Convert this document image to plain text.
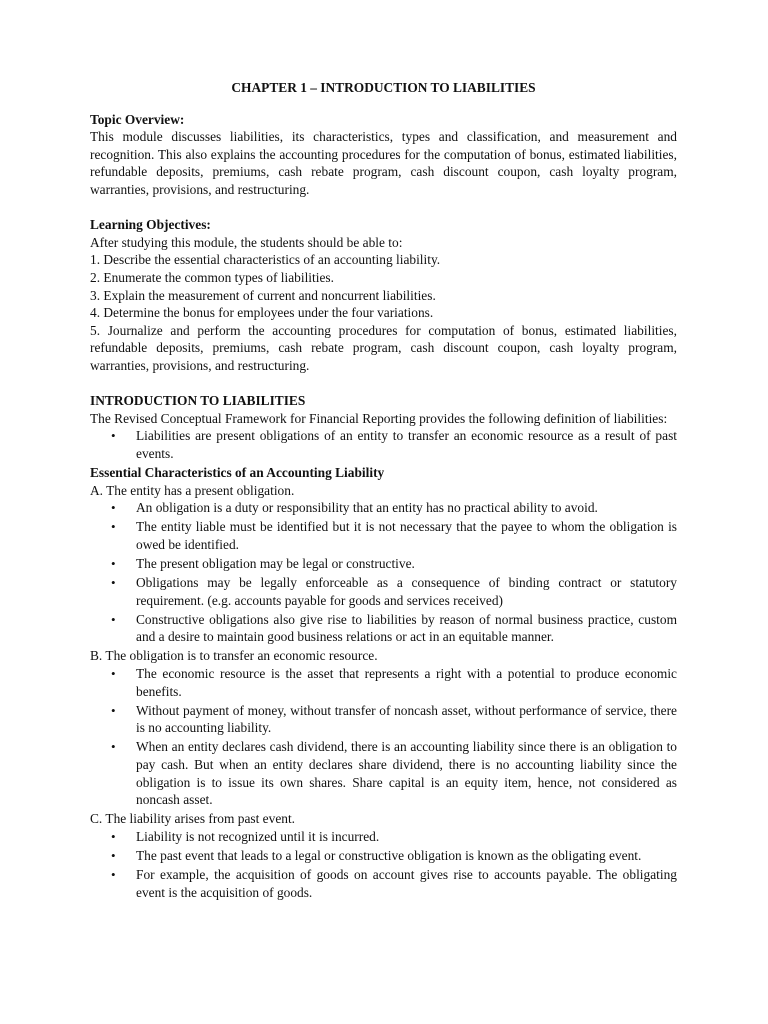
CHAPTER 1 – INTRODUCTION TO LIABILITIES

Topic Overview:

This module discusses liabilities, its characteristics, types and classification, and measurement and recognition. This also explains the accounting procedures for the computation of bonus, estimated liabilities, refundable deposits, premiums, cash rebate program, cash discount coupon, cash loyalty program, warranties, provisions, and restructuring.

Learning Objectives:

After studying this module, the students should be able to:

1. Describe the essential characteristics of an accounting liability.

2. Enumerate the common types of liabilities.

3. Explain the measurement of current and noncurrent liabilities.

4. Determine the bonus for employees under the four variations.

5. Journalize and perform the accounting procedures for computation of bonus, estimated liabilities, refundable deposits, premiums, cash rebate program, cash discount coupon, cash loyalty program, warranties, provisions, and restructuring.

INTRODUCTION TO LIABILITIES

The Revised Conceptual Framework for Financial Reporting provides the following definition of liabilities:

• Liabilities are present obligations of an entity to transfer an economic resource as a result of past events.

Essential Characteristics of an Accounting Liability

A. The entity has a present obligation.

• An obligation is a duty or responsibility that an entity has no practical ability to avoid.
• The entity liable must be identified but it is not necessary that the payee to whom the obligation is owed be identified.
• The present obligation may be legal or constructive.
• Obligations may be legally enforceable as a consequence of binding contract or statutory requirement. (e.g. accounts payable for goods and services received)
• Constructive obligations also give rise to liabilities by reason of normal business practice, custom and a desire to maintain good business relations or act in an equitable manner.

B. The obligation is to transfer an economic resource.

• The economic resource is the asset that represents a right with a potential to produce economic benefits.
• Without payment of money, without transfer of noncash asset, without performance of service, there is no accounting liability.
• When an entity declares cash dividend, there is an accounting liability since there is an obligation to pay cash. But when an entity declares share dividend, there is no accounting liability since the obligation is to issue its own shares. Share capital is an equity item, hence, not considered as noncash asset.

C. The liability arises from past event.

• Liability is not recognized until it is incurred.
• The past event that leads to a legal or constructive obligation is known as the obligating event.
• For example, the acquisition of goods on account gives rise to accounts payable. The obligating event is the acquisition of goods.
